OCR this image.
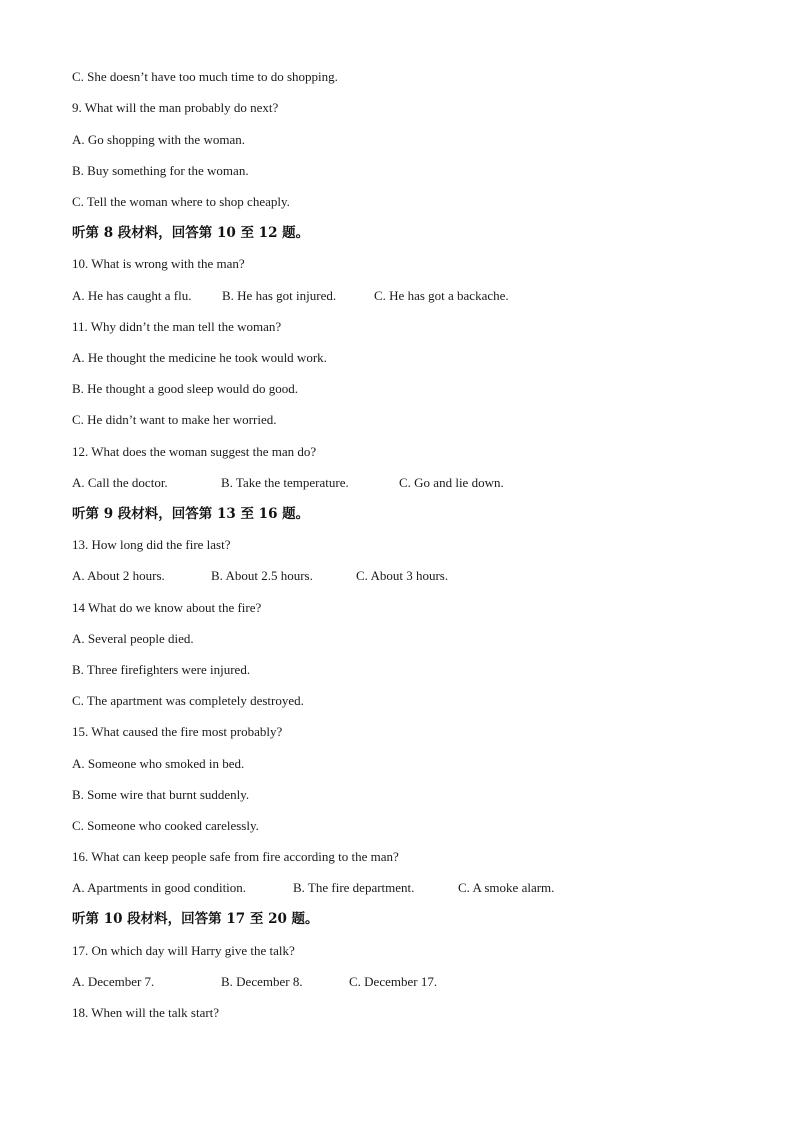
C. She doesn’t have too much time to do shopping.
9. What will the man probably do next?
A. Go shopping with the woman.
B. Buy something for the woman.
C. Tell the woman where to shop cheaply.
听第 8 段材料，回答第 10 至 12 题。
10. What is wrong with the man?
A. He has caught a flu. B. He has got injured.	C. He has got a backache.
11. Why didn’t the man tell the woman?
A. He thought the medicine he took would work.
B. He thought a good sleep would do good.
C. He didn’t want to make her worried.
12. What does the woman suggest the man do?
A. Call the doctor.	B. Take the temperature.	C. Go and lie down.
听第 9 段材料，回答第 13 至 16 题。
13. How long did the fire last?
A. About 2 hours.	B. About 2.5 hours.	C. About 3 hours.
14 What do we know about the fire?
A. Several people died.
B. Three firefighters were injured.
C. The apartment was completely destroyed.
15. What caused the fire most probably?
A. Someone who smoked in bed.
B. Some wire that burnt suddenly.
C. Someone who cooked carelessly.
16. What can keep people safe from fire according to the man?
A. Apartments in good condition.	B. The fire department.	C. A smoke alarm.
听第 10 段材料，回答第 17 至 20 题。
17. On which day will Harry give the talk?
A. December 7.	B. December 8.	C. December 17.
18. When will the talk start?
